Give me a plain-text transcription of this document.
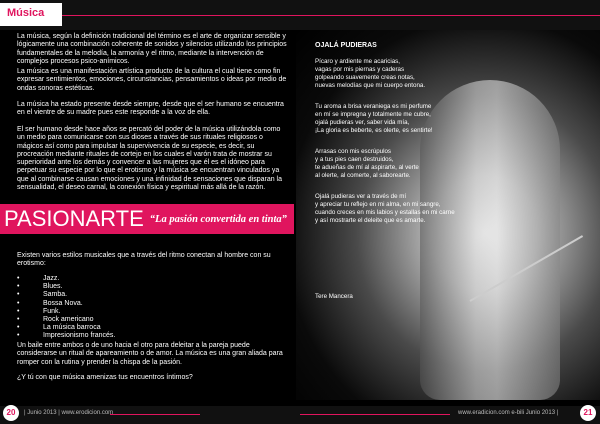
Música
La música, según la definición tradicional del término es el arte de organizar sensible y lógicamente una combinación coherente de sonidos y silencios utilizando los principios fundamentales de la melodía, la armonía y el ritmo, mediante la intervención de complejos procesos psico-anímicos.
La música es una manifestación artística producto de la cultura el cual tiene como fin expresar sentimientos, emociones, circunstancias, pensamientos o ideas por medio de ondas sonoras estéticas.
La música ha estado presente desde siempre, desde que el ser humano se encuentra en el vientre de su madre pues este responde a la voz de ella.
El ser humano desde hace años se percató del poder de la música utilizándola como un medio para comunicarse con sus dioses a través de sus rituales religiosos o mágicos así como para impulsar la supervivencia de su especie, es decir, su procreación mediante rituales de cortejo en los cuales el varón trata de mostrar su superioridad ante los demás y convencer a las mujeres que él es el idóneo para perpetuar su especie por lo que el erotismo y la música se encuentran vinculados ya que al combinarse causan emociones y una infinidad de sensaciones que disparan la sensualidad, el deseo carnal, la conexión física y espiritual más allá de la razón.
PASIONARTE “La pasión convertida en tinta”
Existen varios estilos musicales que a través del ritmo conectan al hombre con su erotismo:
• Jazz.
• Blues.
• Samba.
• Bossa Nova.
• Funk.
• Rock americano
• La música barroca
• Impresionismo francés.
Un baile entre ambos o de uno hacia el otro para deleitar a la pareja puede considerarse un ritual de apareamiento o de amor. La música es una gran aliada para romper con la rutina y prender la chispa de la pasión.
¿Y tú con que música amenizas tus encuentros íntimos?
OJALÁ PUDIERAS
Pícaro y ardiente me acaricias,
vagas por mis piernas y caderas
golpeando suavemente creas notas,
nuevas melodías que mi cuerpo entona.
Tu aroma a brisa veraniega es mi perfume
en mí se impregna y totalmente me cubre,
ojalá pudieras ver, saber vida mía,
¡La gloria es beberte, es olerte, es sentirte!
Arrasas con mis escrúpulos
y a tus pies caen destruidos,
te adueñas de mí al aspirarte, al verte
al olerte, al comerte, al saborearte.
Ojalá pudieras ver a través de mí
y apreciar tu reflejo en mi alma, en mi sangre,
cuando creces en mis labios y estallas en mi carne
y así mostrarte el deleite que es amarte.
Tere Mancera
20	| Junio 2013 | www.erodicion.com	www.eradicion.com e-bili Junio 2013 |	21
